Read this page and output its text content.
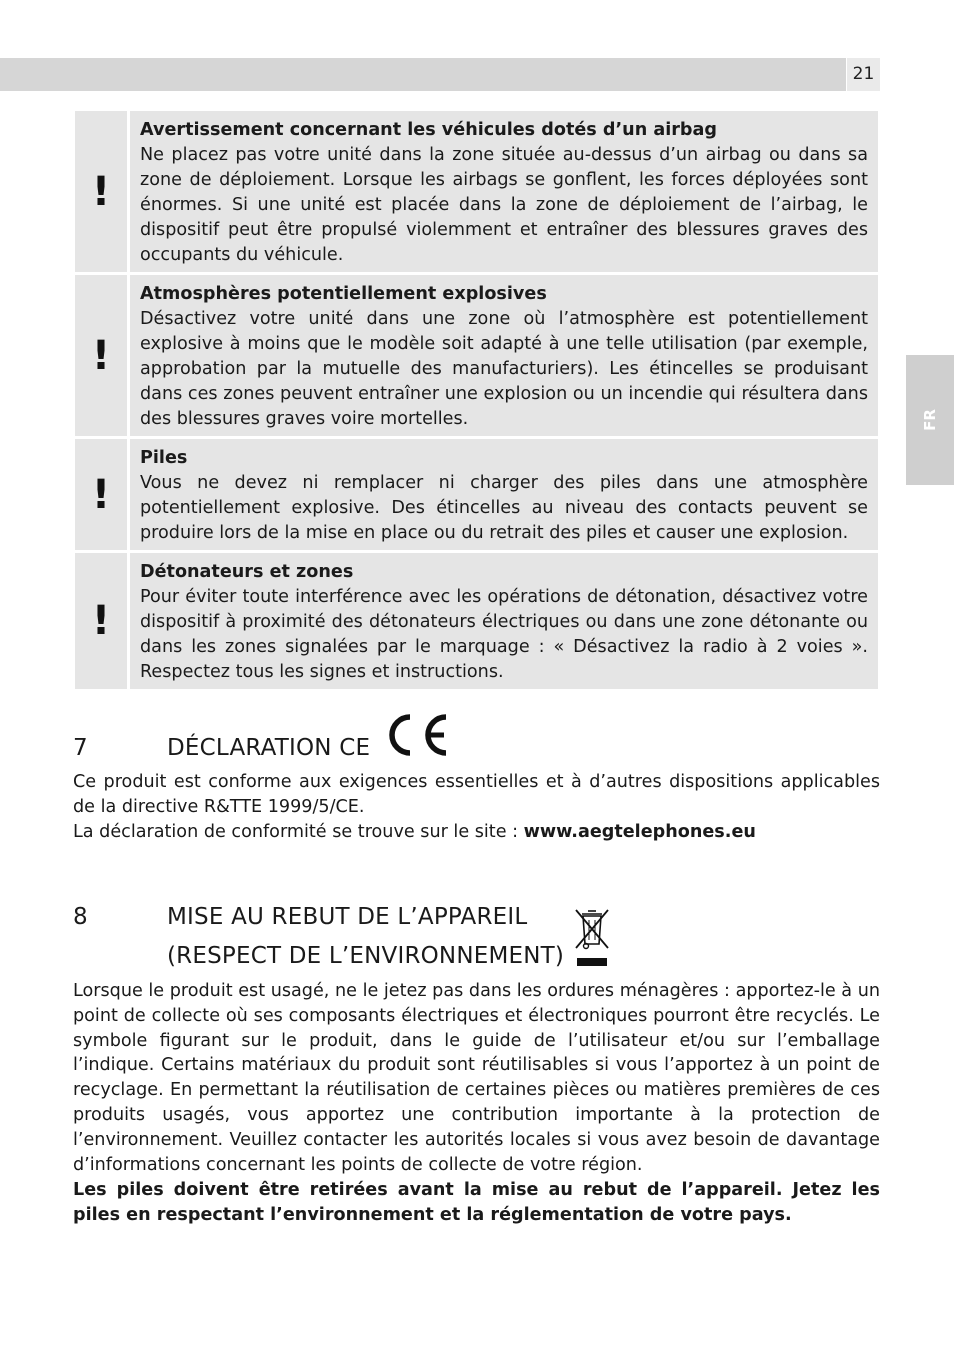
21
FR
!
Avertissement concernant les véhicules dotés d’un airbag
Ne placez pas votre unité dans la zone située au-dessus d’un airbag ou dans sa zone de déploiement. Lorsque les airbags se gonflent, les forces déployées sont énormes. Si une unité est placée dans la zone de déploiement de l’airbag, le dispositif peut être propulsé violemment et entraîner des blessures graves des occupants du véhicule.
!
Atmosphères potentiellement explosives
Désactivez votre unité dans une zone où l’atmosphère est potentiellement explosive à moins que le modèle soit adapté à une telle utilisation (par exemple, approbation par la mutuelle des manufacturiers). Les étincelles se produisant dans ces zones peuvent entraîner une explosion ou un incendie qui résultera dans des blessures graves voire mortelles.
!
Piles
Vous ne devez ni remplacer ni charger des piles dans une atmosphère potentiellement explosive. Des étincelles au niveau des contacts peuvent se produire lors de la mise en place ou du retrait des piles et causer une explosion.
!
Détonateurs et zones
Pour éviter toute interférence avec les opérations de détonation, désactivez votre dispositif à proximité des détonateurs électriques ou dans une zone détonante ou dans les zones signalées par le marquage : « Désactivez la radio à 2 voies ». Respectez tous les signes et instructions.
7	DÉCLARATION CE
Ce produit est conforme aux exigences essentielles et à d’autres dispositions applicables de la directive R&TTE 1999/5/CE.
La déclaration de conformité se trouve sur le site : www.aegtelephones.eu
8	MISE AU REBUT DE L’APPAREIL
(RESPECT DE L’ENVIRONNEMENT)
Lorsque le produit est usagé, ne le jetez pas dans les ordures ménagères : apportez-le à un point de collecte où ses composants électriques et électroniques pourront être recyclés. Le symbole figurant sur le produit, dans le guide de l’utilisateur et/ou sur l’emballage l’indique. Certains matériaux du produit sont réutilisables si vous l’apportez à un point de recyclage. En permettant la réutilisation de certaines pièces ou matières premières de ces produits usagés, vous apportez une contribution importante à la protection de l’environnement. Veuillez contacter les autorités locales si vous avez besoin de davantage d’informations concernant les points de collecte de votre région.
Les piles doivent être retirées avant la mise au rebut de l’appareil. Jetez les piles en respectant l’environnement et la réglementation de votre pays.
